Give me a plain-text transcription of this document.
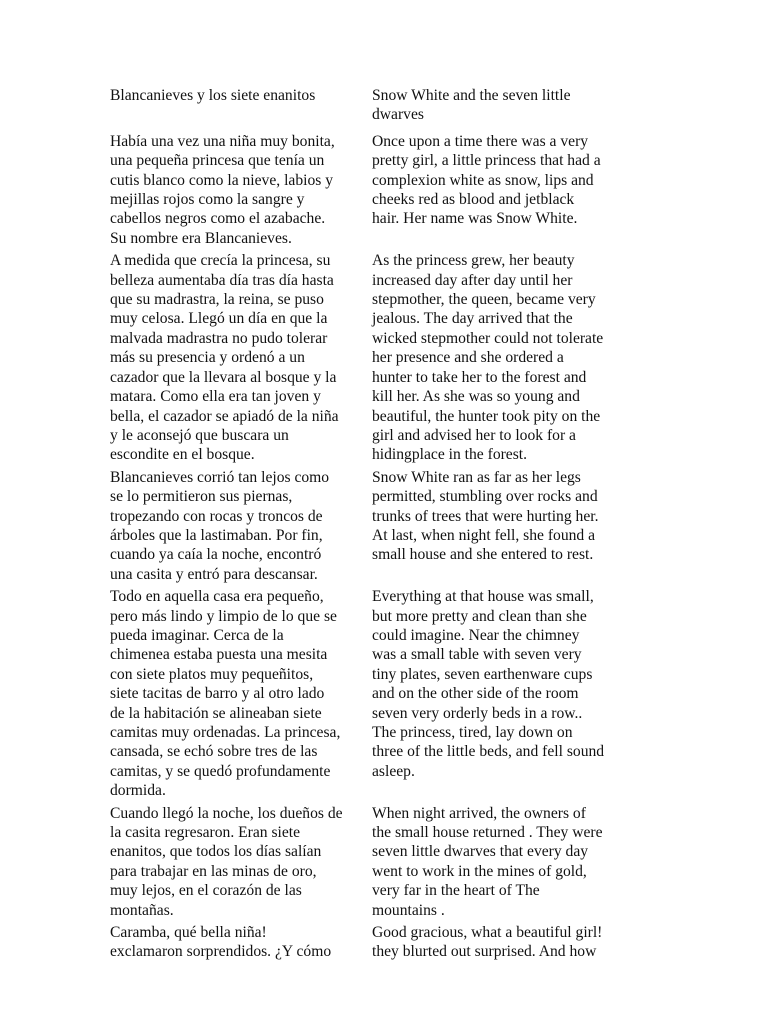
Blancanieves y los siete enanitos	Snow White and the seven little
dwarves
Había una vez una niña muy bonita,
una pequeña princesa que tenía un
cutis blanco como la nieve, labios y
mejillas rojos como la sangre y
cabellos negros como el azabache.
Su nombre era Blancanieves.
Once upon a time there was a very
pretty girl, a little princess that had a
complexion white as snow, lips and
cheeks red as blood and jetblack
hair. Her name was Snow White.
A medida que crecía la princesa, su
belleza aumentaba día tras día hasta
que su madrastra, la reina, se puso
muy celosa. Llegó un día en que la
malvada madrastra no pudo tolerar
más su presencia y ordenó a un
cazador que la llevara al bosque y la
matara. Como ella era tan joven y
bella, el cazador se apiadó de la niña
y le aconsejó que buscara un
escondite en el bosque.
As the princess grew, her beauty
increased day after day until her
stepmother, the queen, became very
jealous. The day arrived that the
wicked stepmother could not tolerate
her presence and she ordered a
hunter to take her to the forest and
kill her. As she was so young and
beautiful, the hunter took pity on the
girl and advised her to look for a
hidingplace in the forest.
Blancanieves corrió tan lejos como
se lo permitieron sus piernas,
tropezando con rocas y troncos de
árboles que la lastimaban. Por fin,
cuando ya caía la noche, encontró
una casita y entró para descansar.
Snow White ran as far as her legs
permitted, stumbling over rocks and
trunks of trees that were hurting her.
At last, when night fell, she found a
small house and she entered to rest.
Todo en aquella casa era pequeño,
pero más lindo y limpio de lo que se
pueda imaginar. Cerca de la
chimenea estaba puesta una mesita
con siete platos muy pequeñitos,
siete tacitas de barro y al otro lado
de la habitación se alineaban siete
camitas muy ordenadas. La princesa,
cansada, se echó sobre tres de las
camitas, y se quedó profundamente
dormida.
Everything at that house was small,
but more pretty and clean than she
could imagine. Near the chimney
was a small table with seven very
tiny plates, seven earthenware cups
and on the other side of the room
seven very orderly beds in a row..
The princess, tired, lay down on
three of the little beds, and fell sound
asleep.
Cuando llegó la noche, los dueños de
la casita regresaron. Eran siete
enanitos, que todos los días salían
para trabajar en las minas de oro,
muy lejos, en el corazón de las
montañas.
When night arrived, the owners of
the small house returned . They were
seven little dwarves that every day
went to work in the mines of gold,
very far in the heart of The
mountains .
Caramba, qué bella niña!
exclamaron sorprendidos. ¿Y cómo
Good gracious, what a beautiful girl!
they blurted out surprised. And how
